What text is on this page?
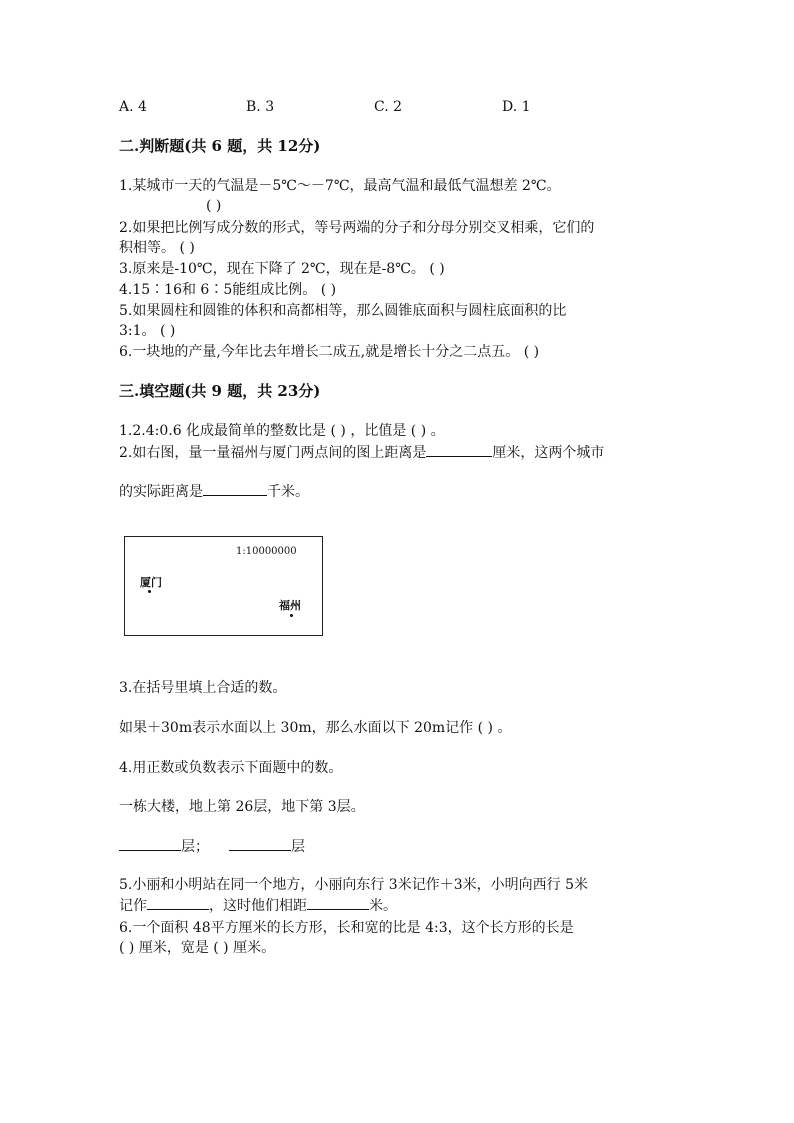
A. 4	B. 3	C. 2	D. 1
二.判断题(共 6 题，共 12分)
1.某城市一天的气温是－5℃～－7℃，最高气温和最低气温想差 2℃。
( )
2.如果把比例写成分数的形式，等号两端的分子和分母分别交叉相乘，它们的
积相等。 ( )
3.原来是-10℃，现在下降了 2℃，现在是-8℃。 ( )
4.15∶16和 6∶5能组成比例。 ( )
5.如果圆柱和圆锥的体积和高都相等，那么圆锥底面积与圆柱底面积的比
3:1。 ( )
6.一块地的产量,今年比去年增长二成五,就是增长十分之二点五。 ( )
三.填空题(共 9 题，共 23分)
1.2.4:0.6 化成最简单的整数比是 ( ) ，比值是 ( ) 。
2.如右图，量一量福州与厦门两点间的图上距离是	厘米，这两个城市
的实际距离是	千米。
1:10000000
厦门
福州
3.在括号里填上合适的数。
如果＋30m表示水面以上 30m，那么水面以下 20m记作 ( ) 。
4.用正数或负数表示下面题中的数。
一栋大楼，地上第 26层，地下第 3层。
层；	层
5.小丽和小明站在同一个地方，小丽向东行 3米记作＋3米，小明向西行 5米
记作	，这时他们相距	米。
6.一个面积 48平方厘米的长方形，长和宽的比是 4:3，这个长方形的长是
( ) 厘米，宽是 ( ) 厘米。
